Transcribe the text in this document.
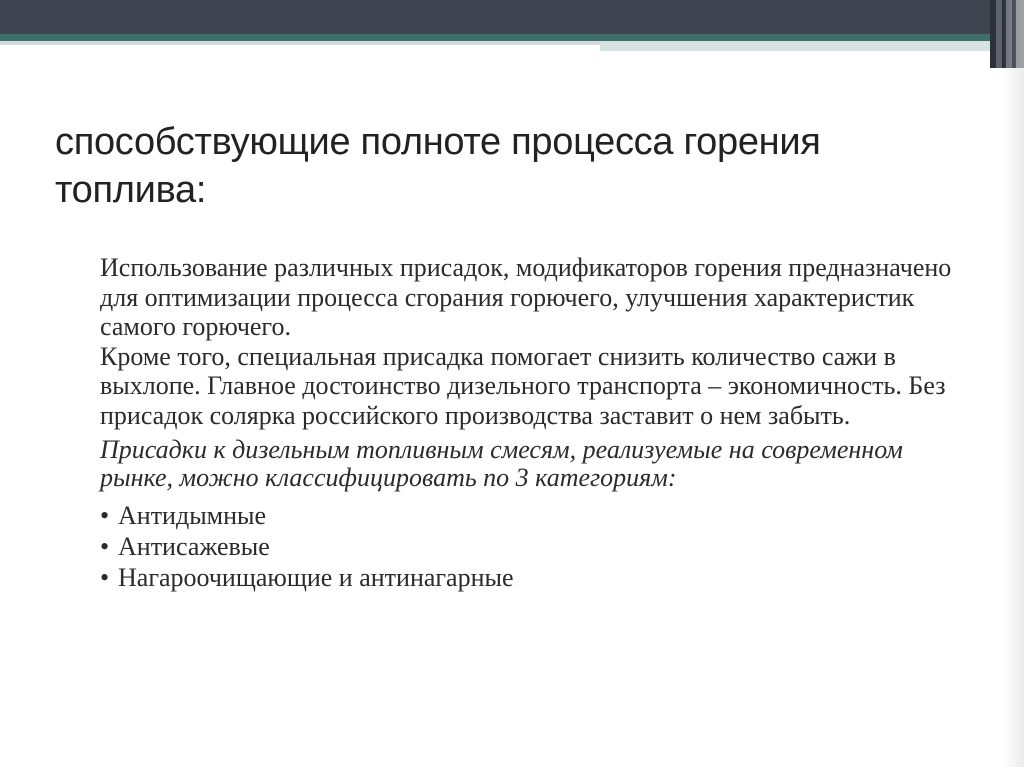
способствующие полноте процесса горения топлива:

Использование различных присадок, модификаторов горения предназначено для оптимизации процесса сгорания горючего, улучшения характеристик самого горючего.

Кроме того, специальная присадка помогает снизить количество сажи в выхлопе. Главное достоинство дизельного транспорта – экономичность. Без присадок солярка российского производства заставит о нем забыть.

Присадки к дизельным топливным смесям, реализуемые на современном рынке, можно классифицировать по 3 категориям:

• Антидымные
• Антисажевые
• Нагароочищающие и антинагарные
